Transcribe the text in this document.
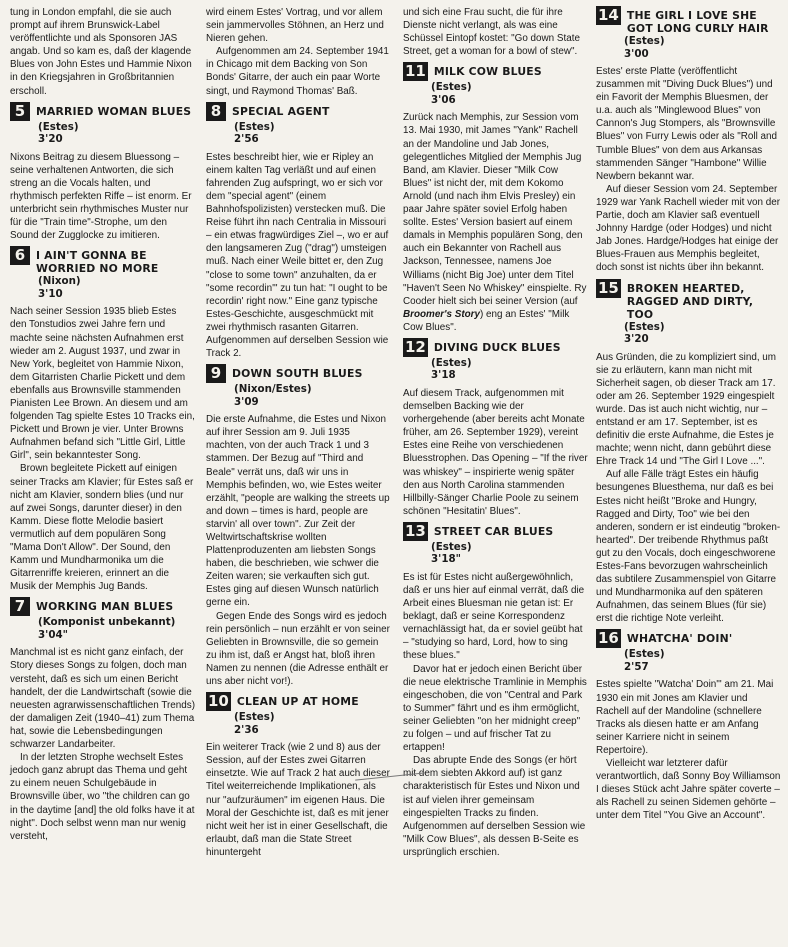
tung in London empfahl, die sie auch prompt auf ihrem Brunswick-Label veröffentlichte und als Sponsoren JAS angab. Und so kam es, daß der klagende Blues von John Estes und Hammie Nixon in den Kriegsjahren in Großbritannien erscholl.

5 MARRIED WOMAN BLUES
(Estes)
3'20

Nixons Beitrag zu diesem Bluessong – seine verhaltenen Antworten, die sich streng an die Vocals halten, und rhythmisch perfekten Riffe – ist enorm. Er unterbricht sein rhythmisches Muster nur für die "Train time"-Strophe, um den Sound der Zugglocke zu imitieren.

6 I AIN'T GONNA BE WORRIED NO MORE
(Nixon)
3'10

Nach seiner Session 1935 blieb Estes den Tonstudios zwei Jahre fern und machte seine nächsten Aufnahmen erst wieder am 2. August 1937, und zwar in New York, begleitet von Hammie Nixon, dem Gitarristen Charlie Pickett und dem ebenfalls aus Brownsville stammenden Pianisten Lee Brown. An diesem und am folgenden Tag spielte Estes 10 Tracks ein, Pickett und Brown je vier. Unter Browns Aufnahmen befand sich "Little Girl, Little Girl", sein bekanntester Song.

Brown begleitete Pickett auf einigen seiner Tracks am Klavier; für Estes saß er nicht am Klavier, sondern blies (und nur auf zwei Songs, darunter dieser) in den Kamm. Diese flotte Melodie basiert vermutlich auf dem populären Song "Mama Don't Allow". Der Sound, den Kamm und Mundharmonika um die Gitarrenriffe kreieren, erinnert an die Musik der Memphis Jug Bands.

7 WORKING MAN BLUES
(Komponist unbekannt)
3'04"

Manchmal ist es nicht ganz einfach, der Story dieses Songs zu folgen, doch man versteht, daß es sich um einen Bericht handelt, der die Landwirtschaft (sowie die neuesten agrarwissenschaftlichen Trends) der damaligen Zeit (1940–41) zum Thema hat, sowie die Lebensbedingungen schwarzer Landarbeiter.

In der letzten Strophe wechselt Estes jedoch ganz abrupt das Thema und geht zu einem neuen Schulgebäude in Brownsville über, wo "the children can go in the daytime [and] the old folks have it at night". Doch selbst wenn man nur wenig versteht,

wird einem Estes' Vortrag, und vor allem sein jammervolles Stöhnen, an Herz und Nieren gehen.

Aufgenommen am 24. September 1941 in Chicago mit dem Backing von Son Bonds' Gitarre, der auch ein paar Worte singt, und Raymond Thomas' Baß.

8 SPECIAL AGENT
(Estes)
2'56

Estes beschreibt hier, wie er Ripley an einem kalten Tag verläßt und auf einen fahrenden Zug aufspringt, wo er sich vor dem "special agent" (einem Bahnhofspolizisten) verstecken muß. Die Reise führt ihn nach Centralia in Missouri – ein etwas fragwürdiges Ziel –, wo er auf den langsameren Zug ("drag") umsteigen muß. Nach einer Weile bittet er, den Zug "close to some town" anzuhalten, da er "some recordin'" zu tun hat: "I ought to be recordin' right now." Eine ganz typische Estes-Geschichte, ausgeschmückt mit zwei rhythmisch rasanten Gitarren. Aufgenommen auf derselben Session wie Track 2.

9 DOWN SOUTH BLUES
(Nixon/Estes)
3'09

Die erste Aufnahme, die Estes und Nixon auf ihrer Session am 9. Juli 1935 machten, von der auch Track 1 und 3 stammen. Der Bezug auf "Third and Beale" verrät uns, daß wir uns in Memphis befinden, wo, wie Estes weiter erzählt, "people are walking the streets up and down – times is hard, people are starvin' all over town". Zur Zeit der Weltwirtschaftskrise wollten Plattenproduzenten am liebsten Songs haben, die beschrieben, wie schwer die Zeiten waren; sie verkauften sich gut. Estes ging auf diesen Wunsch natürlich gerne ein.

Gegen Ende des Songs wird es jedoch rein persönlich – nun erzählt er von seiner Geliebten in Brownsville, die so gemein zu ihm ist, daß er Angst hat, bloß ihren Namen zu nennen (die Adresse enthält er uns aber nicht vor!).

10 CLEAN UP AT HOME
(Estes)
2'36

Ein weiterer Track (wie 2 und 8) aus der Session, auf der Estes zwei Gitarren einsetzte. Wie auf Track 2 hat auch dieser Titel weiterreichende Implikationen, als nur "aufzuräumen" im eigenen Haus. Die Moral der Geschichte ist, daß es mit jener nicht weit her ist in einer Gesellschaft, die erlaubt, daß man die State Street hinuntergeht

und sich eine Frau sucht, die für ihre Dienste nicht verlangt, als was eine Schüssel Eintopf kostet: "Go down State Street, get a woman for a bowl of stew".

11 MILK COW BLUES
(Estes)
3'06

Zurück nach Memphis, zur Session vom 13. Mai 1930, mit James "Yank" Rachell an der Mandoline und Jab Jones, gelegentliches Mitglied der Memphis Jug Band, am Klavier. Dieser "Milk Cow Blues" ist nicht der, mit dem Kokomo Arnold (und nach ihm Elvis Presley) ein paar Jahre später soviel Erfolg haben sollte. Estes' Version basiert auf einem damals in Memphis populären Song, den auch ein Bekannter von Rachell aus Jackson, Tennessee, namens Joe Williams (nicht Big Joe) unter dem Titel "Haven't Seen No Whiskey" einspielte. Ry Cooder hielt sich bei seiner Version (auf Broomer's Story) eng an Estes' "Milk Cow Blues".

12 DIVING DUCK BLUES
(Estes)
3'18

Auf diesem Track, aufgenommen mit demselben Backing wie der vorhergehende (aber bereits acht Monate früher, am 26. September 1929), vereint Estes eine Reihe von verschiedenen Bluesstrophen. Das Opening – "If the river was whiskey" – inspirierte wenig später den aus North Carolina stammenden Hillbilly-Sänger Charlie Poole zu seinem schönen "Hesitatin' Blues".

13 STREET CAR BLUES
(Estes)
3'18"

Es ist für Estes nicht außergewöhnlich, daß er uns hier auf einmal verrät, daß die Arbeit eines Bluesman nie getan ist: Er beklagt, daß er seine Korrespondenz vernachlässigt hat, da er soviel geübt hat – "studying so hard, Lord, how to sing these blues."

Davor hat er jedoch einen Bericht über die neue elektrische Tramlinie in Memphis eingeschoben, die von "Central and Park to Summer" fährt und es ihm ermöglicht, seiner Geliebten "on her midnight creep" zu folgen – und auf frischer Tat zu ertappen!

Das abrupte Ende des Songs (er hört mit dem siebten Akkord auf) ist ganz charakteristisch für Estes und Nixon und ist auf vielen ihrer gemeinsam eingespielten Tracks zu finden. Aufgenommen auf derselben Session wie "Milk Cow Blues", als dessen B-Seite es ursprünglich erschien.

14 THE GIRL I LOVE SHE GOT LONG CURLY HAIR
(Estes)
3'00

Estes' erste Platte (veröffentlicht zusammen mit "Diving Duck Blues") und ein Favorit der Memphis Bluesmen, der u.a. auch als "Minglewood Blues" von Cannon's Jug Stompers, als "Brownsville Blues" von Furry Lewis oder als "Roll and Tumble Blues" von dem aus Arkansas stammenden Sänger "Hambone" Willie Newbern bekannt war.

Auf dieser Session vom 24. September 1929 war Yank Rachell wieder mit von der Partie, doch am Klavier saß eventuell Johnny Hardge (oder Hodges) und nicht Jab Jones. Hardge/Hodges hat einige der Blues-Frauen aus Memphis begleitet, doch sonst ist nichts über ihn bekannt.

15 BROKEN HEARTED, RAGGED AND DIRTY, TOO
(Estes)
3'20

Aus Gründen, die zu kompliziert sind, um sie zu erläutern, kann man nicht mit Sicherheit sagen, ob dieser Track am 17. oder am 26. September 1929 eingespielt wurde. Das ist auch nicht wichtig, nur – entstand er am 17. September, ist es definitiv die erste Aufnahme, die Estes je machte; wenn nicht, dann gebührt diese Ehre Track 14 und "The Girl I Love ...".

Auf alle Fälle trägt Estes ein häufig besungenes Bluesthema, nur daß es bei Estes nicht heißt "Broke and Hungry, Ragged and Dirty, Too" wie bei den anderen, sondern er ist eindeutig "broken-hearted". Der treibende Rhythmus paßt gut zu den Vocals, doch eingeschworene Estes-Fans bevorzugen wahrscheinlich das subtilere Zusammenspiel von Gitarre und Mundharmonika auf den späteren Aufnahmen, das seinem Blues (für sie) erst die richtige Note verleiht.

16 WHATCHA' DOIN'
(Estes)
2'57

Estes spielte "Watcha' Doin'" am 21. Mai 1930 ein mit Jones am Klavier und Rachell auf der Mandoline (schnellere Tracks als diesen hatte er am Anfang seiner Karriere nicht in seinem Repertoire).

Vielleicht war letzterer dafür verantwortlich, daß Sonny Boy Williamson I dieses Stück acht Jahre später coverte – als Rachell zu seinen Sidemen gehörte – unter dem Titel "You Give an Account".
